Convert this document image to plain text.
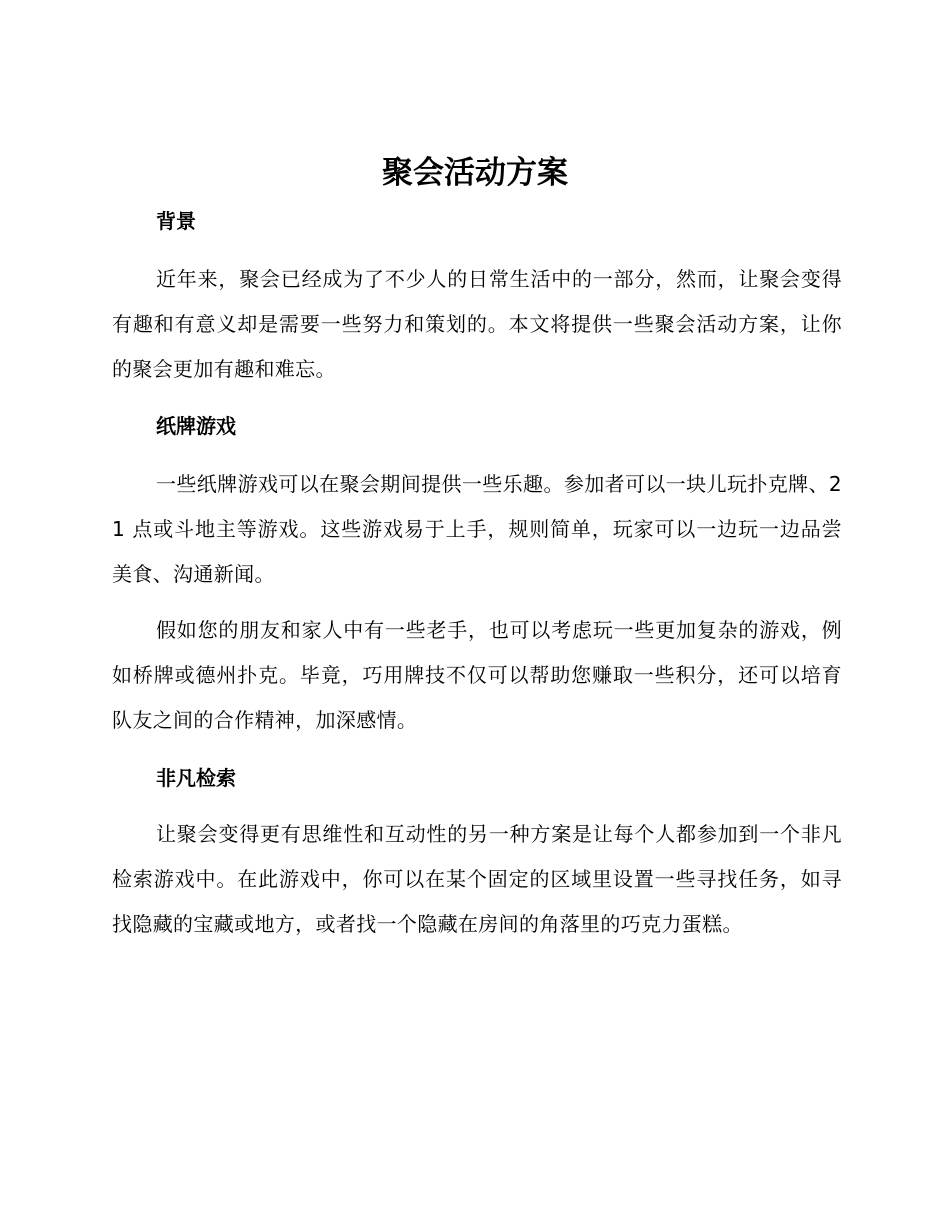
聚会活动方案
背景

近年来，聚会已经成为了不少人的日常生活中的一部分，然而，让聚会变得有趣和有意义却是需要一些努力和策划的。本文将提供一些聚会活动方案，让你的聚会更加有趣和难忘。

纸牌游戏

一些纸牌游戏可以在聚会期间提供一些乐趣。参加者可以一块儿玩扑克牌、21 点或斗地主等游戏。这些游戏易于上手，规则简单，玩家可以一边玩一边品尝美食、沟通新闻。

假如您的朋友和家人中有一些老手，也可以考虑玩一些更加复杂的游戏，例如桥牌或德州扑克。毕竟，巧用牌技不仅可以帮助您赚取一些积分，还可以培育队友之间的合作精神，加深感情。

非凡检索

让聚会变得更有思维性和互动性的另一种方案是让每个人都参加到一个非凡检索游戏中。在此游戏中，你可以在某个固定的区域里设置一些寻找任务，如寻找隐藏的宝藏或地方，或者找一个隐藏在房间的角落里的巧克力蛋糕。
